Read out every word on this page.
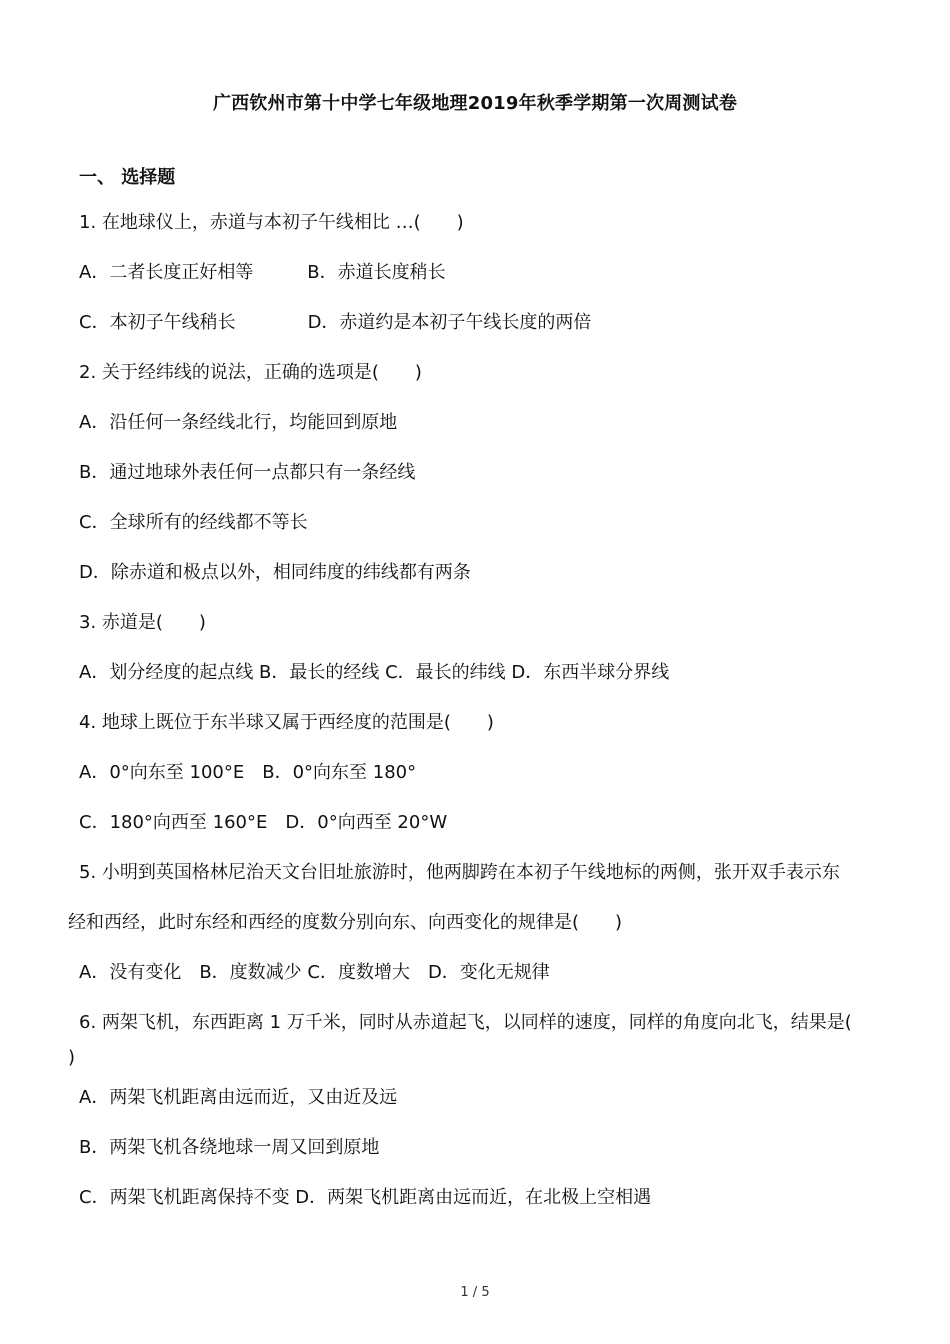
广西钦州市第十中学七年级地理2019年秋季学期第一次周测试卷
一、 选择题
1. 在地球仪上，赤道与本初子午线相比 …(　　)
A．二者长度正好相等　　　B．赤道长度稍长
C．本初子午线稍长　　　　D．赤道约是本初子午线长度的两倍
2. 关于经纬线的说法，正确的选项是(　　)
A．沿任何一条经线北行，均能回到原地
B．通过地球外表任何一点都只有一条经线
C．全球所有的经线都不等长
D．除赤道和极点以外，相同纬度的纬线都有两条
3. 赤道是(　　)
A．划分经度的起点线 B．最长的经线 C．最长的纬线 D．东西半球分界线
4. 地球上既位于东半球又属于西经度的范围是(　　)
A．0°向东至 100°E　B．0°向东至 180°
C．180°向西至 160°E　D．0°向西至 20°W
5. 小明到英国格林尼治天文台旧址旅游时，他两脚跨在本初子午线地标的两侧，张开双手表示东
经和西经，此时东经和西经的度数分别向东、向西变化的规律是(　　)
A．没有变化　B．度数减少 C．度数增大　D．变化无规律
6. 两架飞机，东西距离 1 万千米，同时从赤道起飞，以同样的速度，同样的角度向北飞，结果是(
)
A．两架飞机距离由远而近，又由近及远
B．两架飞机各绕地球一周又回到原地
C．两架飞机距离保持不变 D．两架飞机距离由远而近，在北极上空相遇
1 / 5
